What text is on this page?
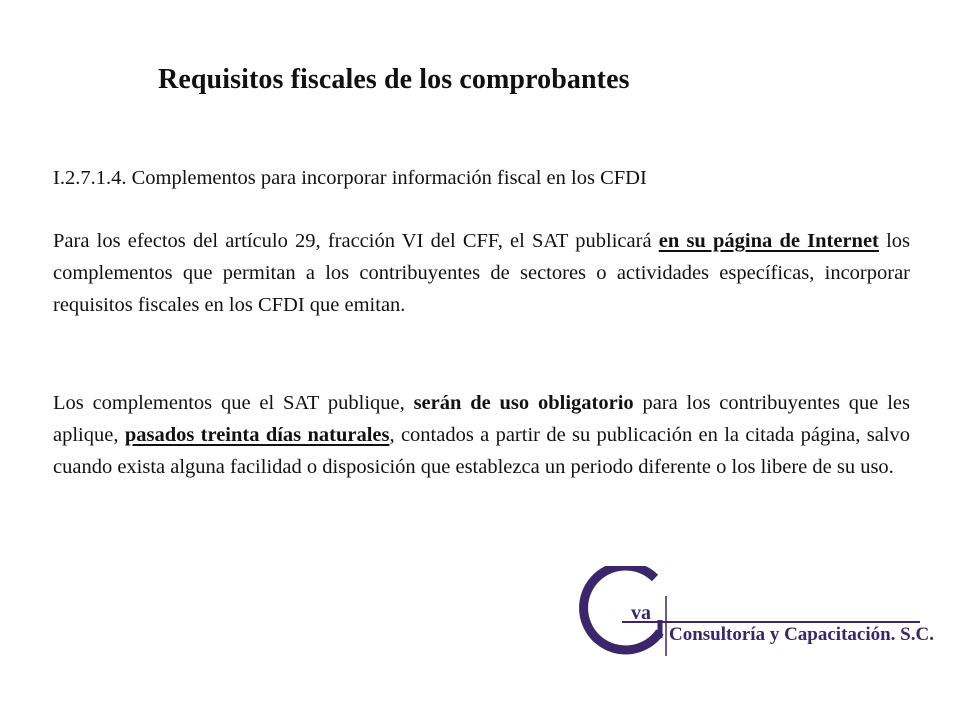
Requisitos fiscales de los comprobantes

I.2.7.1.4. Complementos para incorporar información fiscal en los CFDI

Para los efectos del artículo 29, fracción VI del CFF, el SAT publicará en su página de Internet los complementos que permitan a los contribuyentes de sectores o actividades específicas, incorporar requisitos fiscales en los CFDI que emitan.

Los complementos que el SAT publique, serán de uso obligatorio para los contribuyentes que les aplique, pasados treinta días naturales, contados a partir de su publicación en la citada página, salvo cuando exista alguna facilidad o disposición que establezca un periodo diferente o los libere de su uso.

va
Consultoría y Capacitación. S.C.
